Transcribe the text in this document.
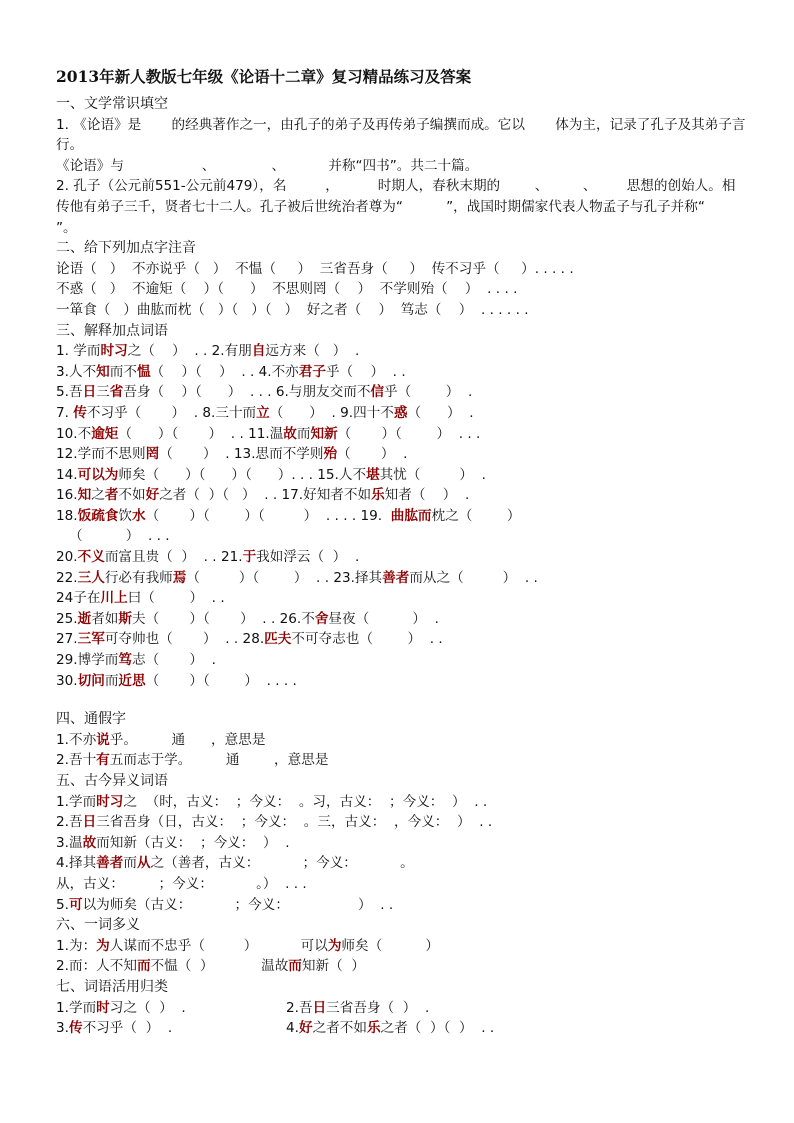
2013年新人教版七年级《论语十二章》复习精品练习及答案
一、文学常识填空
1. 《论语》是       的经典著作之一，由孔子的弟子及再传弟子编撰而成。它以       体为主，记录了孔子及其弟子言行。
《论语》与                  、             、          并称“四书”。共二十篇。
2. 孔子（公元前551-公元前479），名         ，         时期人，春秋末期的        、        、       思想的创始人。相传他有弟子三千，贤者七十二人。孔子被后世统治者尊为“          ”，战国时期儒家代表人物孟子与孔子并称“          ”。
二、给下列加点字注音
论语（   ）  不亦说乎（   ）  不愠（     ）  三省吾身（     ）  传不习乎（     ）. . . . .
不惑（   ）  不逾矩（    ）（      ）  不思则罔（    ）  不学则殆（    ）  . . . .
一箪食（   ）曲肱而枕（   ）（   ）（   ）  好之者（    ）  笃志（    ）  . . . . . .
三、解释加点词语
1. 学而时习之（    ）  . . 2.有朋自远方来（   ）  .
3.人不知而不愠（    ）（    ）  . . 4.不亦君子乎（    ）  . .
5.吾日三省吾身（    ）（      ）  . . . 6.与朋友交而不信乎（        ）  .
7. 传不习乎（       ）  . 8.三十而立（      ）  . 9.四十不惑（      ）  .
10.不逾矩（      ）（       ）  . . 11.温故而知新（       ）（        ）  . . .
12.学而不思则罔（       ）  . 13.思而不学则殆（       ）  .
14.可以为师矣（      ）（      ）（      ）. . . 15.人不堪其忧（         ）  .
16.知之者不如好之者（  ）（   ）  . . 17.好知者不如乐知者（    ）  .
18.饭疏食饮水（       ）（        ）（         ）  . . . . 19.  曲肱而枕之（        ）
（          ）  . . .
20.不义而富且贵（  ）  . . 21.于我如浮云（  ）  .
22.三人行必有我师焉（         ）（        ）  . . 23.择其善者而从之（         ）  . .
24子在川上曰（        ）  . .
25.逝者如斯夫（       ）（       ）  . . 26.不舍昼夜（          ）  .
27.三军可夺帅也（       ）  . . 28.匹夫不可夺志也（        ）  . .
29.博学而笃志（       ）  .
30.切问而近思（       ）（        ）  . . . .
四、通假字
1.不亦说乎。        通      ，意思是
2.吾十有五而志于学。        通        ，意思是
五、古今异义词语
1.学而时习之  （时，古义：  ；今义：  。习，古义：  ；今义：  ）  . .
2.吾日三省吾身（日，古义：  ；今义：  。三，古义：  ，今义：  ）  . .
3.温故而知新（古义：  ；今义：  ）  .
4.择其善者而从之（善者，古义：          ；今义：          。
从，古义：        ；今义：          。）  . . .
5.可以为师矣（古义：          ；今义：                ）  . .
六、一词多义
1.为：为人谋而不忠乎（         ）          可以为师矣（          ）
2.而：人不知而不愠（  ）           温故而知新（  ）
七、词语活用归类
1.学而时习之（  ）  .	2.吾日三省吾身（  ）  .
3.传不习乎（  ）  .	4.好之者不如乐之者（  ）（  ）  . .
